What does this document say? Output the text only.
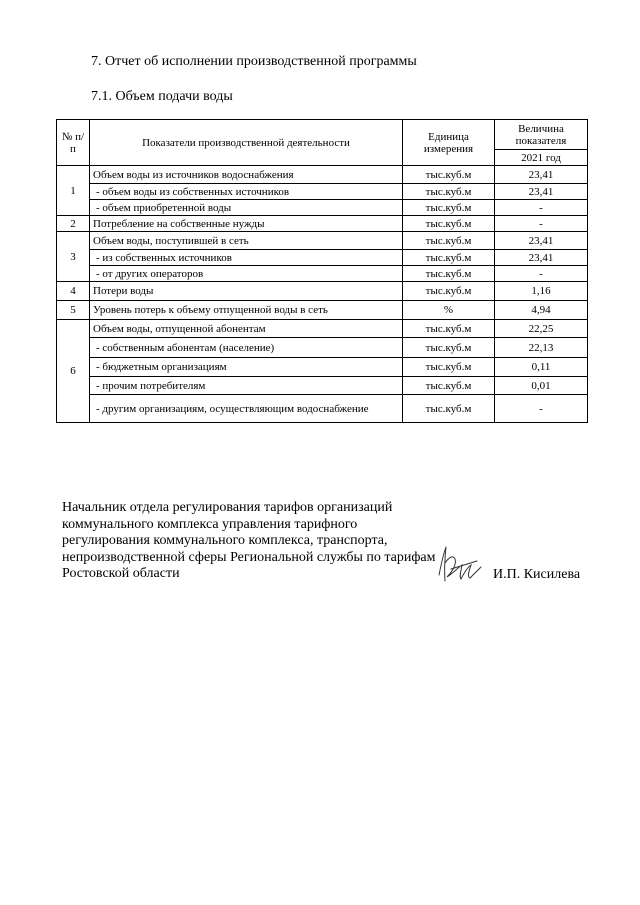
7. Отчет об исполнении производственной программы
7.1. Объем подачи воды
№ п/п	Показатели производственной деятельности	Единица измерения	Величина показателя
			2021 год
1	Объем воды из источников водоснабжения	тыс.куб.м	23,41
	- объем воды из собственных источников	тыс.куб.м	23,41
	- объем приобретенной воды	тыс.куб.м	-
2	Потребление на собственные нужды	тыс.куб.м	-
3	Объем воды, поступившей в сеть	тыс.куб.м	23,41
	- из собственных источников	тыс.куб.м	23,41
	- от других операторов	тыс.куб.м	-
4	Потери воды	тыс.куб.м	1,16
5	Уровень потерь к объему отпущенной воды в сеть	%	4,94
6	Объем воды, отпущенной абонентам	тыс.куб.м	22,25
	- собственным абонентам (население)	тыс.куб.м	22,13
	- бюджетным организациям	тыс.куб.м	0,11
	- прочим потребителям	тыс.куб.м	0,01
	- другим организациям, осуществляющим водоснабжение	тыс.куб.м	-
Начальник отдела регулирования тарифов организаций коммунального комплекса управления тарифного регулирования коммунального комплекса, транспорта, непроизводственной сферы Региональной службы по тарифам Ростовской области	И.П. Кисилева
